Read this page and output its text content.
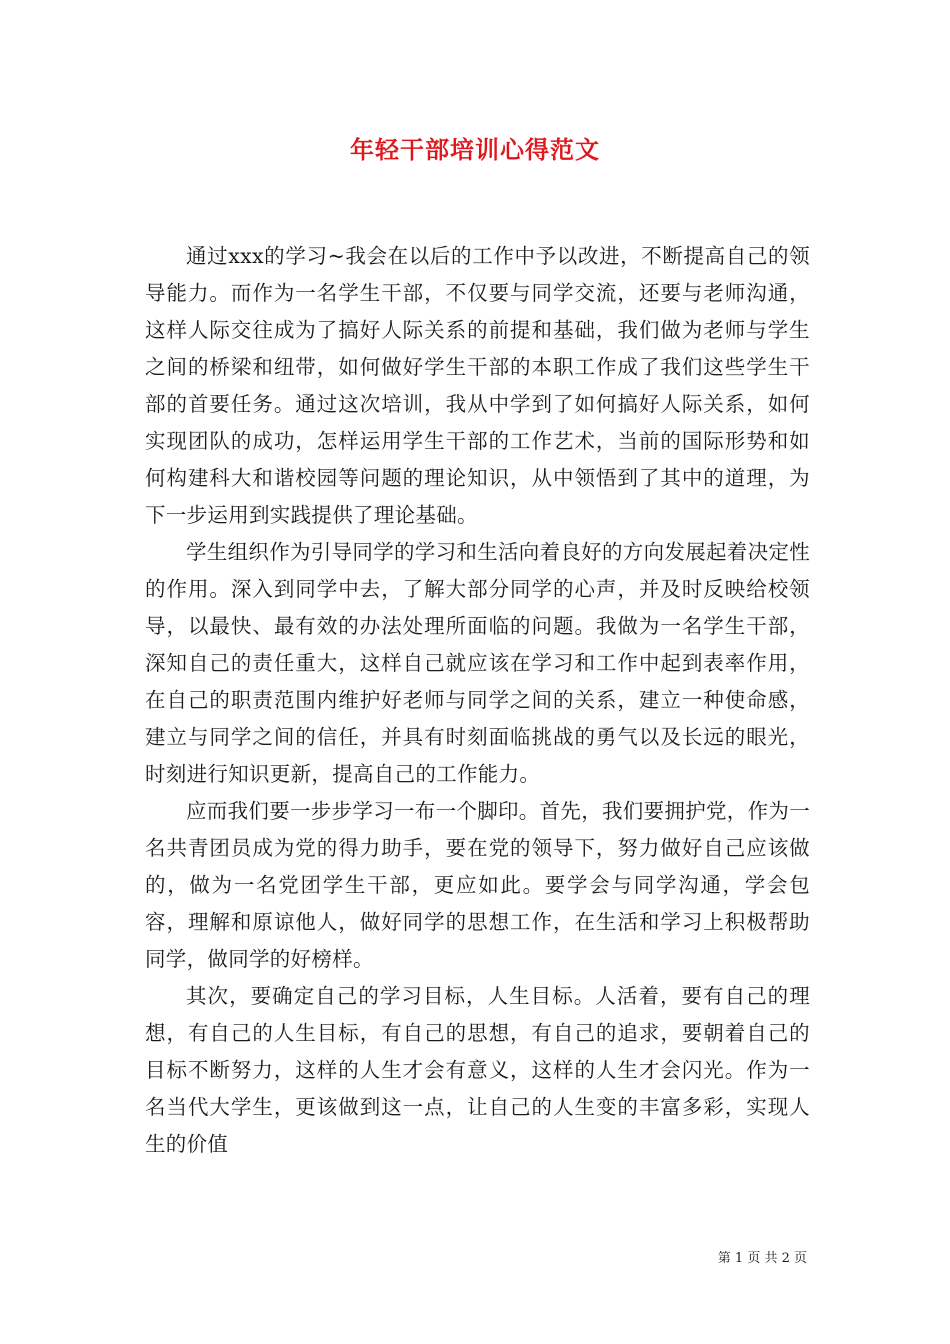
年轻干部培训心得范文

通过xxx的学习~我会在以后的工作中予以改进，不断提高自己的领导能力。而作为一名学生干部，不仅要与同学交流，还要与老师沟通，这样人际交往成为了搞好人际关系的前提和基础，我们做为老师与学生之间的桥梁和纽带，如何做好学生干部的本职工作成了我们这些学生干部的首要任务。通过这次培训，我从中学到了如何搞好人际关系，如何实现团队的成功，怎样运用学生干部的工作艺术，当前的国际形势和如何构建科大和谐校园等问题的理论知识，从中领悟到了其中的道理，为下一步运用到实践提供了理论基础。

学生组织作为引导同学的学习和生活向着良好的方向发展起着决定性的作用。深入到同学中去，了解大部分同学的心声，并及时反映给校领导，以最快、最有效的办法处理所面临的问题。我做为一名学生干部，深知自己的责任重大，这样自己就应该在学习和工作中起到表率作用，在自己的职责范围内维护好老师与同学之间的关系，建立一种使命感，建立与同学之间的信任，并具有时刻面临挑战的勇气以及长远的眼光，时刻进行知识更新，提高自己的工作能力。

应而我们要一步步学习一布一个脚印。首先，我们要拥护党，作为一名共青团员成为党的得力助手，要在党的领导下，努力做好自己应该做的，做为一名党团学生干部，更应如此。要学会与同学沟通，学会包容，理解和原谅他人，做好同学的思想工作，在生活和学习上积极帮助同学，做同学的好榜样。

其次，要确定自己的学习目标，人生目标。人活着，要有自己的理想，有自己的人生目标，有自己的思想，有自己的追求，要朝着自己的目标不断努力，这样的人生才会有意义，这样的人生才会闪光。作为一名当代大学生，更该做到这一点，让自己的人生变的丰富多彩，实现人生的价值

第 1 页 共 2 页
